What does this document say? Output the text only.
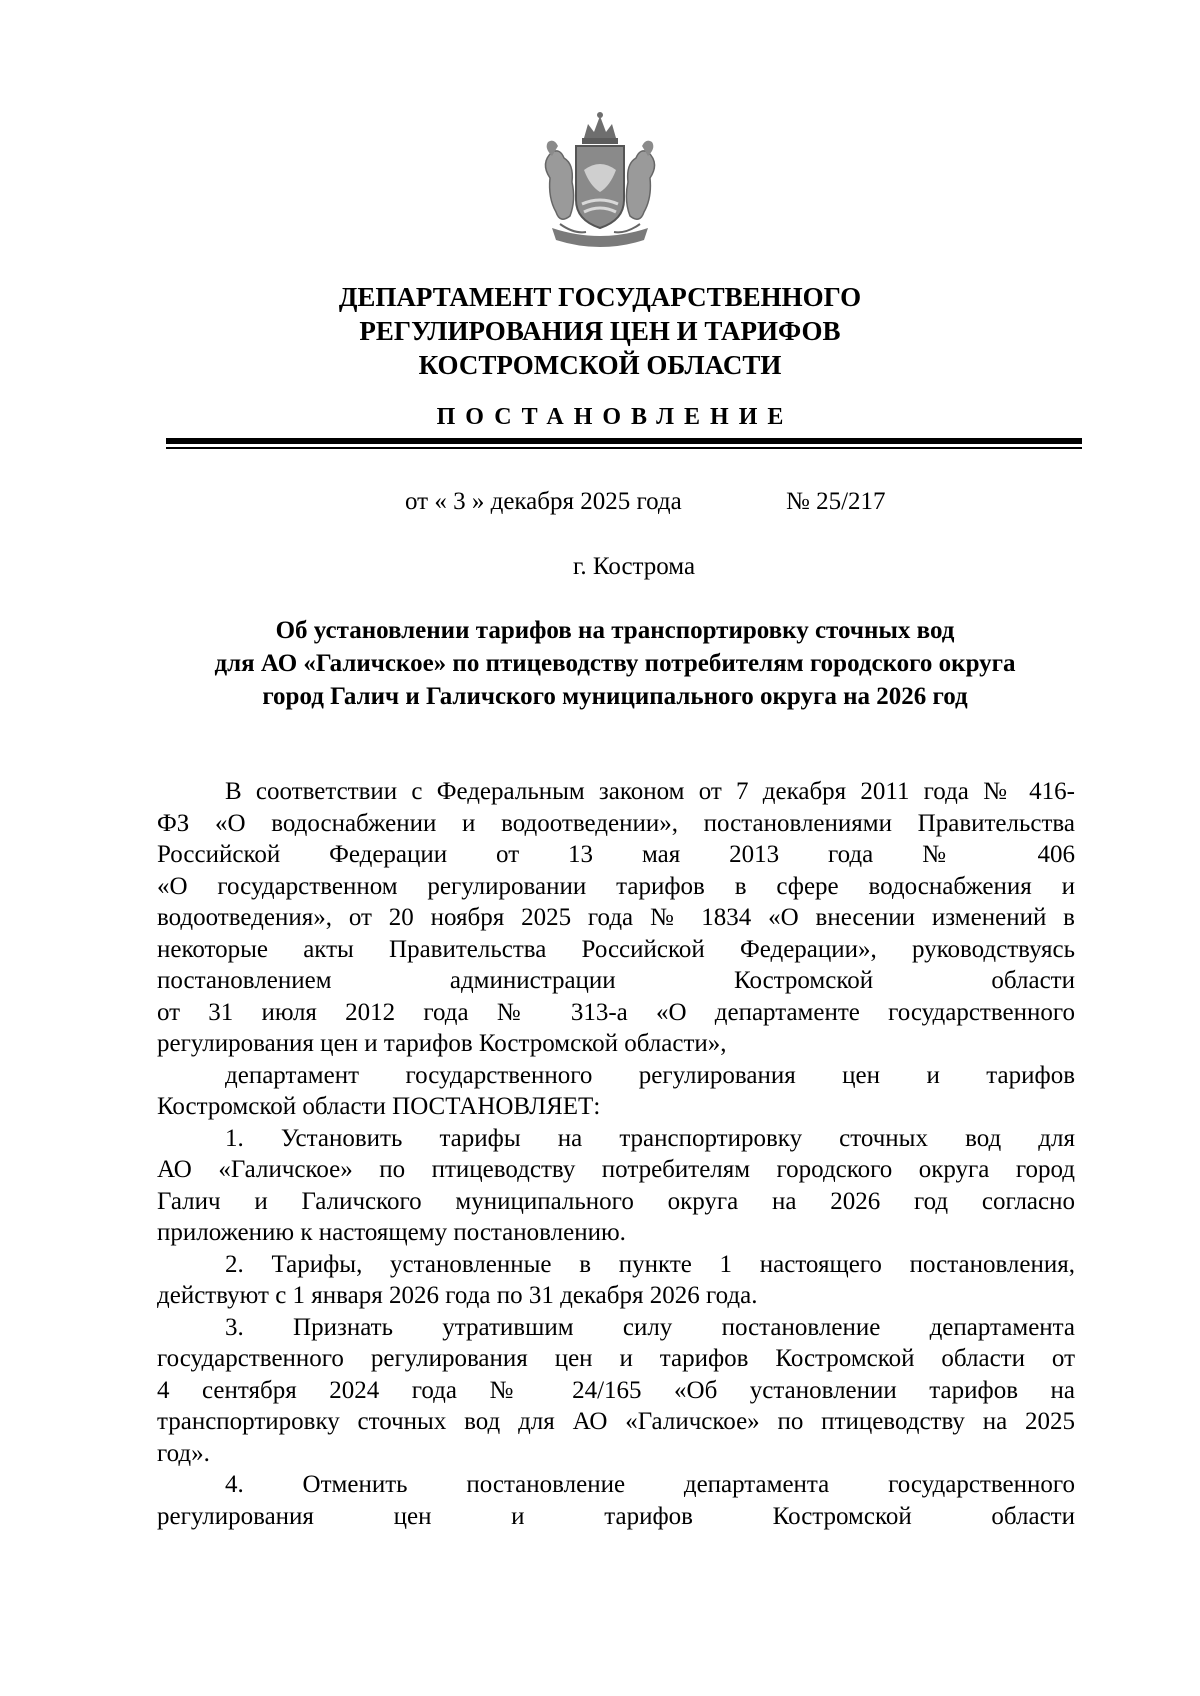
ДЕПАРТАМЕНТ ГОСУДАРСТВЕННОГО
РЕГУЛИРОВАНИЯ ЦЕН И ТАРИФОВ
КОСТРОМСКОЙ ОБЛАСТИ
ПОСТАНОВЛЕНИЕ
от « 3 » декабря 2025 года	№ 25/217
г. Кострома
Об установлении тарифов на транспортировку сточных вод
для АО «Галичское» по птицеводству потребителям городского округа
город Галич и Галичского муниципального округа на 2026 год
В соответствии с Федеральным законом от 7 декабря 2011 года № 416-
ФЗ «О водоснабжении и водоотведении», постановлениями Правительства
Российской Федерации от 13 мая 2013 года № 406
«О государственном регулировании тарифов в сфере водоснабжения и
водоотведения», от 20 ноября 2025 года № 1834 «О внесении изменений в
некоторые акты Правительства Российской Федерации», руководствуясь
постановлением администрации Костромской области
от 31 июля 2012 года № 313-а «О департаменте государственного
регулирования цен и тарифов Костромской области»,
департамент государственного регулирования цен и тарифов
Костромской области ПОСТАНОВЛЯЕТ:
1. Установить тарифы на транспортировку сточных вод для
АО «Галичское» по птицеводству потребителям городского округа город
Галич и Галичского муниципального округа на 2026 год согласно
приложению к настоящему постановлению.
2. Тарифы, установленные в пункте 1 настоящего постановления,
действуют с 1 января 2026 года по 31 декабря 2026 года.
3. Признать утратившим силу постановление департамента
государственного регулирования цен и тарифов Костромской области от
4 сентября 2024 года № 24/165 «Об установлении тарифов на
транспортировку сточных вод для АО «Галичское» по птицеводству на 2025
год».
4. Отменить постановление департамента государственного
регулирования цен и тарифов Костромской области
